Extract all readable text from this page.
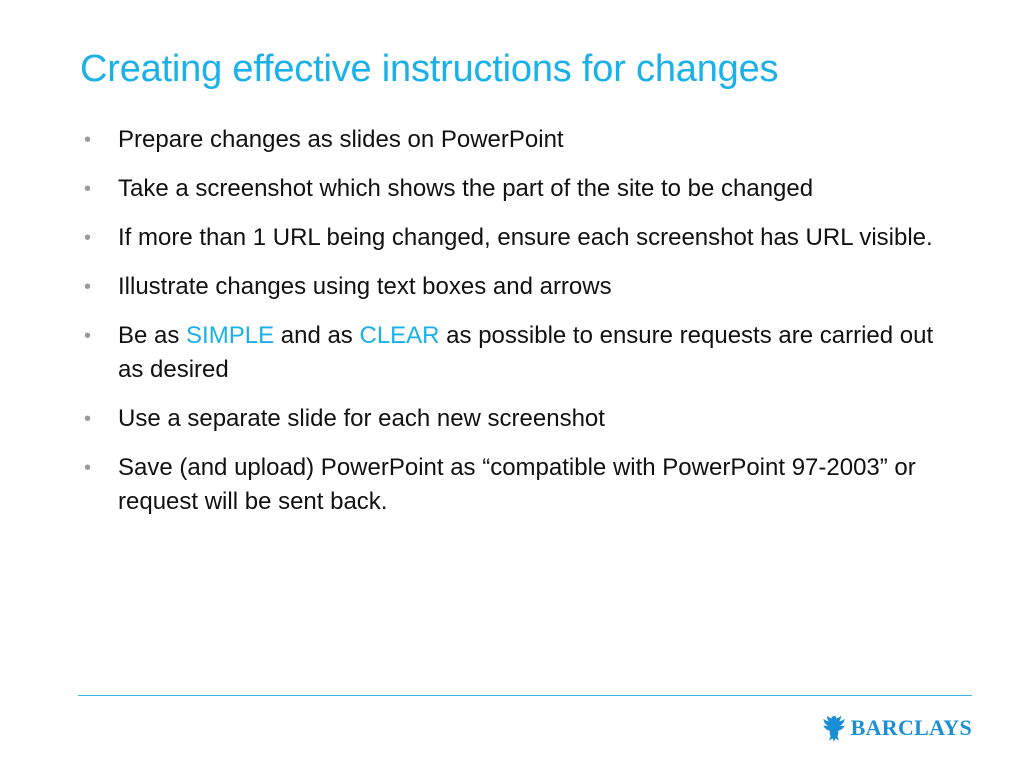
Creating effective instructions for changes
• Prepare changes as slides on PowerPoint
• Take a screenshot which shows the part of the site to be changed
• If more than 1 URL being changed, ensure each screenshot has URL visible.
• Illustrate changes using text boxes and arrows
• Be as SIMPLE and as CLEAR as possible to ensure requests are carried out as desired
• Use a separate slide for each new screenshot
• Save (and upload) PowerPoint as “compatible with PowerPoint 97-2003” or request will be sent back.
BARCLAYS
